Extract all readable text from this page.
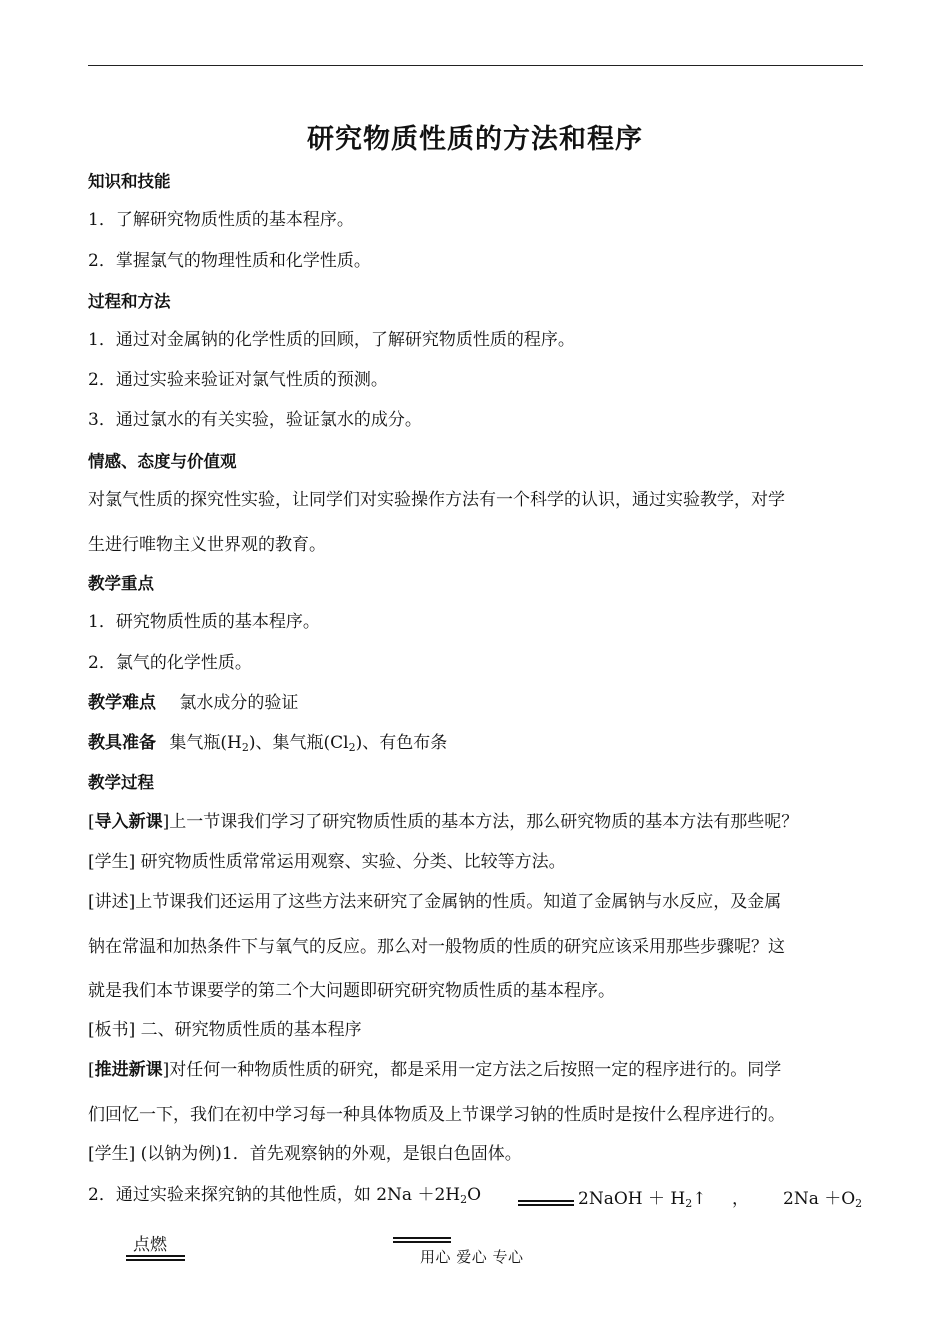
研究物质性质的方法和程序
知识和技能
1．了解研究物质性质的基本程序。
2．掌握氯气的物理性质和化学性质。
过程和方法
1．通过对金属钠的化学性质的回顾，了解研究物质性质的程序。
2．通过实验来验证对氯气性质的预测。
3．通过氯水的有关实验，验证氯水的成分。
情感、态度与价值观
对氯气性质的探究性实验，让同学们对实验操作方法有一个科学的认识，通过实验教学，对学
生进行唯物主义世界观的教育。
教学重点
1．研究物质性质的基本程序。
2．氯气的化学性质。
教学难点 氯水成分的验证
教具准备 集气瓶$(H_2)$、集气瓶$(Cl_2)$、有色布条
教学过程
[导入新课]上一节课我们学习了研究物质性质的基本方法，那么研究物质的基本方法有那些呢？
[学生] 研究物质性质常常运用观察、实验、分类、比较等方法。
[讲述]上节课我们还运用了这些方法来研究了金属钠的性质。知道了金属钠与水反应，及金属
钠在常温和加热条件下与氧气的反应。那么对一般物质的性质的研究应该采用那些步骤呢？这
就是我们本节课要学的第二个大问题即研究研究物质性质的基本程序。
[板书] 二、研究物质性质的基本程序
[推进新课]对任何一种物质性质的研究，都是采用一定方法之后按照一定的程序进行的。同学
们回忆一下，我们在初中学习每一种具体物质及上节课学习钠的性质时是按什么程序进行的。
[学生] (以钠为例)1．首先观察钠的外观，是银白色固体。
2．通过实验来探究钠的其他性质，如 $2Na +2H_2O$	2NaOH ＋ $H_2↑$ ， $2Na +O_2$
点燃
用心 爱心 专心
